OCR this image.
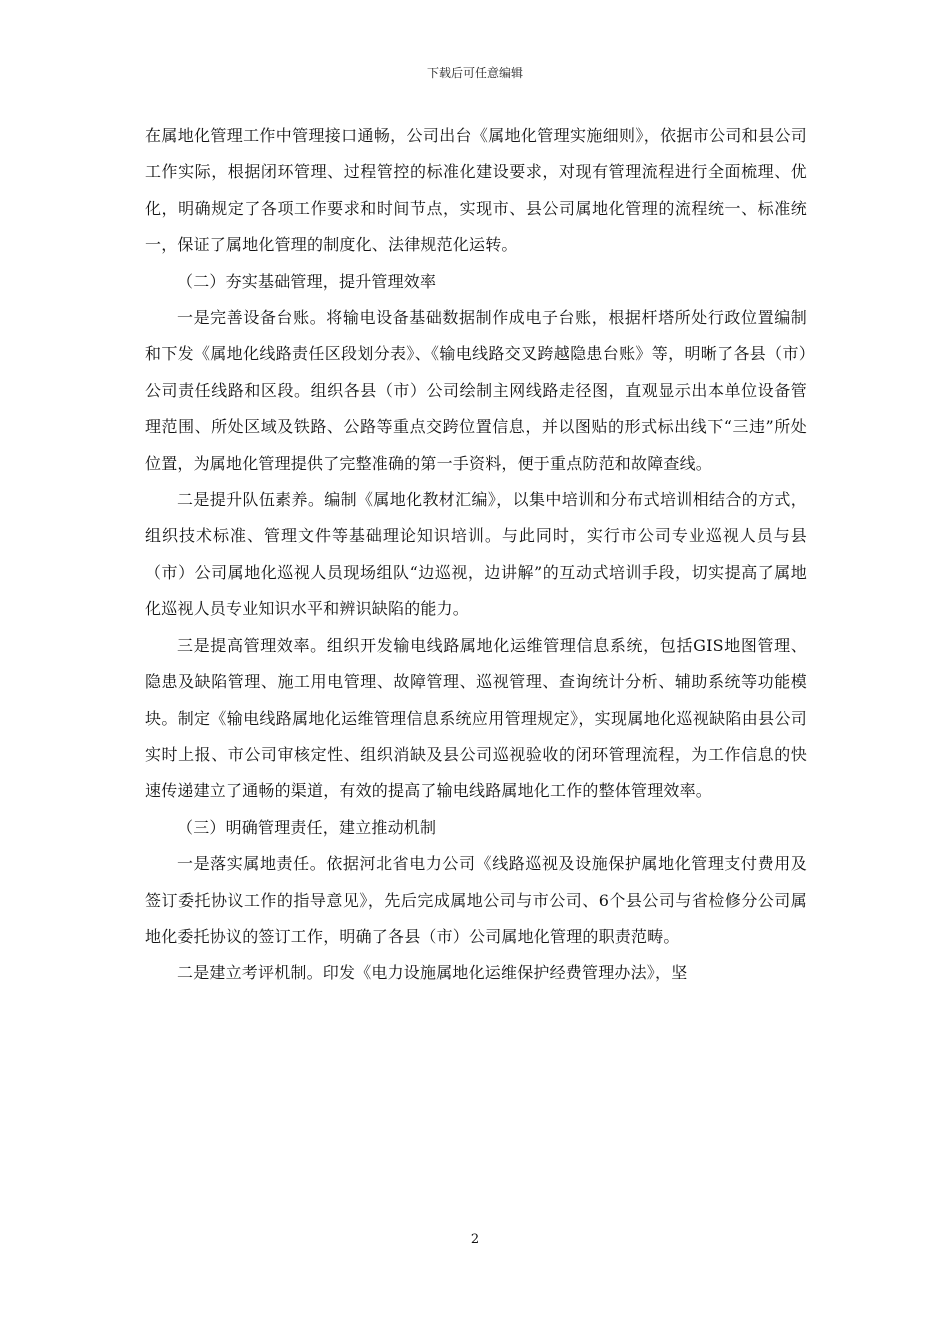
下载后可任意编辑

在属地化管理工作中管理接口通畅，公司出台《属地化管理实施细则》，依据市公司和县公司工作实际，根据闭环管理、过程管控的标准化建设要求，对现有管理流程进行全面梳理、优化，明确规定了各项工作要求和时间节点，实现市、县公司属地化管理的流程统一、标准统一，保证了属地化管理的制度化、法律规范化运转。

（二）夯实基础管理，提升管理效率

一是完善设备台账。将输电设备基础数据制作成电子台账，根据杆塔所处行政位置编制和下发《属地化线路责任区段划分表》、《输电线路交叉跨越隐患台账》等，明晰了各县（市）公司责任线路和区段。组织各县（市）公司绘制主网线路走径图，直观显示出本单位设备管理范围、所处区域及铁路、公路等重点交跨位置信息，并以图贴的形式标出线下“三违”所处位置，为属地化管理提供了完整准确的第一手资料，便于重点防范和故障查线。

二是提升队伍素养。编制《属地化教材汇编》，以集中培训和分布式培训相结合的方式，组织技术标准、管理文件等基础理论知识培训。与此同时，实行市公司专业巡视人员与县（市）公司属地化巡视人员现场组队“边巡视，边讲解”的互动式培训手段，切实提高了属地化巡视人员专业知识水平和辨识缺陷的能力。

三是提高管理效率。组织开发输电线路属地化运维管理信息系统，包括GIS地图管理、隐患及缺陷管理、施工用电管理、故障管理、巡视管理、查询统计分析、辅助系统等功能模块。制定《输电线路属地化运维管理信息系统应用管理规定》，实现属地化巡视缺陷由县公司实时上报、市公司审核定性、组织消缺及县公司巡视验收的闭环管理流程，为工作信息的快速传递建立了通畅的渠道，有效的提高了输电线路属地化工作的整体管理效率。

（三）明确管理责任，建立推动机制

一是落实属地责任。依据河北省电力公司《线路巡视及设施保护属地化管理支付费用及签订委托协议工作的指导意见》，先后完成属地公司与市公司、6个县公司与省检修分公司属地化委托协议的签订工作，明确了各县（市）公司属地化管理的职责范畴。

二是建立考评机制。印发《电力设施属地化运维保护经费管理办法》，坚

2
